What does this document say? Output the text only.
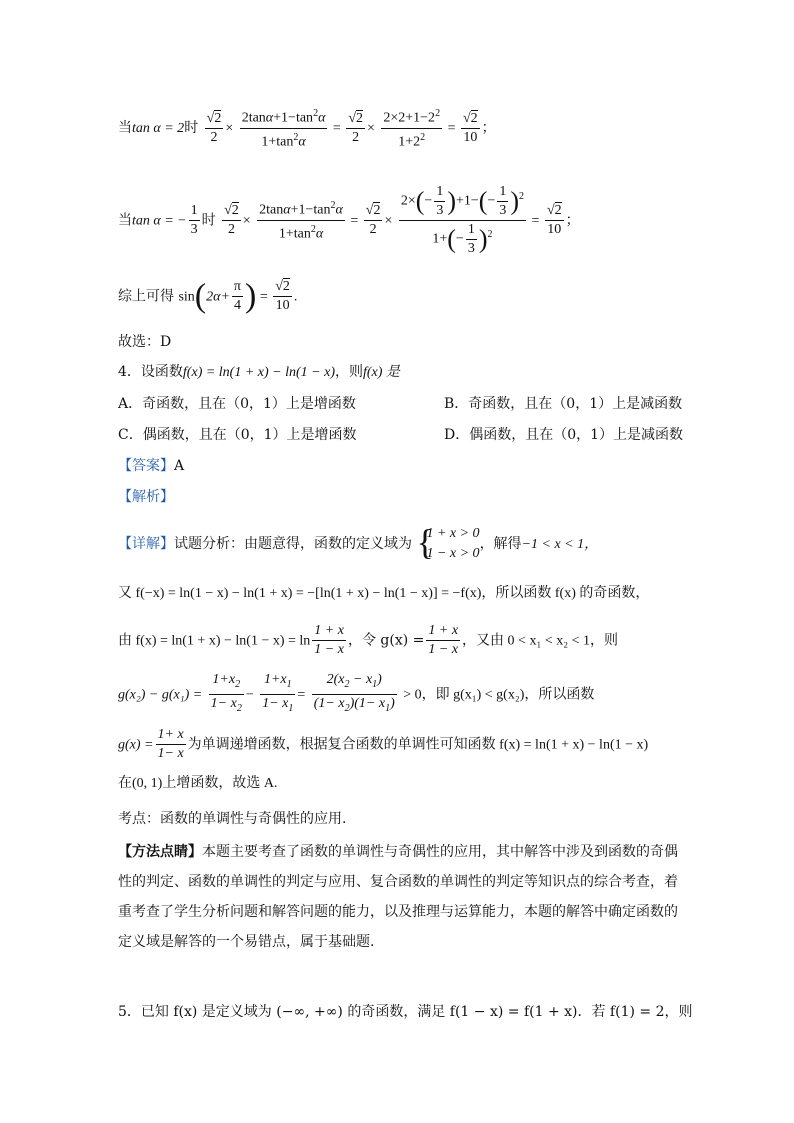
当tan α = 2时 $\frac{√2}{2} \times \frac{2\tan\alpha+1-\tan^2\alpha}{1+\tan^2\alpha} = \frac{√2}{2} \times \frac{2\times 2+1-2^2}{1+2^2} = \frac{√2}{10}$ ；
当tan α = − $\frac{1}{3}$ 时 $\frac{√2}{2} \times \frac{2\tan\alpha+1-\tan^2\alpha}{1+\tan^2\alpha} = \frac{√2}{2} \times \frac{2\times(- \frac{1}{3} )+1-(- \frac{1}{3} )^2}{1+(- \frac{1}{3} )^2} = \frac{√2}{10}$ ；
综上可得 $\sin(2\alpha+ \frac{\pi}{4}$ ) = $\frac{√2}{10}$ .
故选：D
4．设函数f(x) = ln(1 + x) − ln(1 − x)，则f(x) 是
A．奇函数，且在（0，1）上是增函数	B．奇函数，且在（0，1）上是减函数
C．偶函数，且在（0，1）上是增函数	D．偶函数，且在（0，1）上是减函数
【答案】A
【解析】
【详解】试题分析：由题意得，函数的定义域为 {
1 + x > 0
1 − x > 0
，解得−1 < x < 1，
又 f(−x) = ln(1 − x) − ln(1 + x) = −[ln(1 + x) − ln(1 − x)] = −f(x)，所以函数 f(x) 的奇函数，
由 $f(x) = \ln(1 + x) - \ln(1 - x) = \ln \frac{1 + x}{1 - x}$ ，令 $g(x) = \frac{1 + x}{1 - x}$ ，又由 0 < x₁ < x₂ < 1，则
$g(x_2) - g(x_1) = \frac{1+x_2}{1- x_2} - \frac{1+x_1}{1- x_1} = \frac{2(x_2 - x_1)}{(1- x_2)(1- x_1)} > 0$，即 g(x₁) < g(x₂)，所以函数
$g(x) = \frac{1+ x}{1- x}$ 为单调递增函数，根据复合函数的单调性可知函数 f(x) = ln(1 + x) − ln(1 − x)
在(0, 1)上增函数，故选 A.
考点：函数的单调性与奇偶性的应用.
【方法点睛】本题主要考查了函数的单调性与奇偶性的应用，其中解答中涉及到函数的奇偶性的判定、函数的单调性的判定与应用、复合函数的单调性的判定等知识点的综合考查，着重考查了学生分析问题和解答问题的能力，以及推理与运算能力，本题的解答中确定函数的定义域是解答的一个易错点，属于基础题.
5．已知 f(x) 是定义域为 (−∞, +∞) 的奇函数，满足 f(1 − x) = f(1 + x)．若 f(1) = 2，则
